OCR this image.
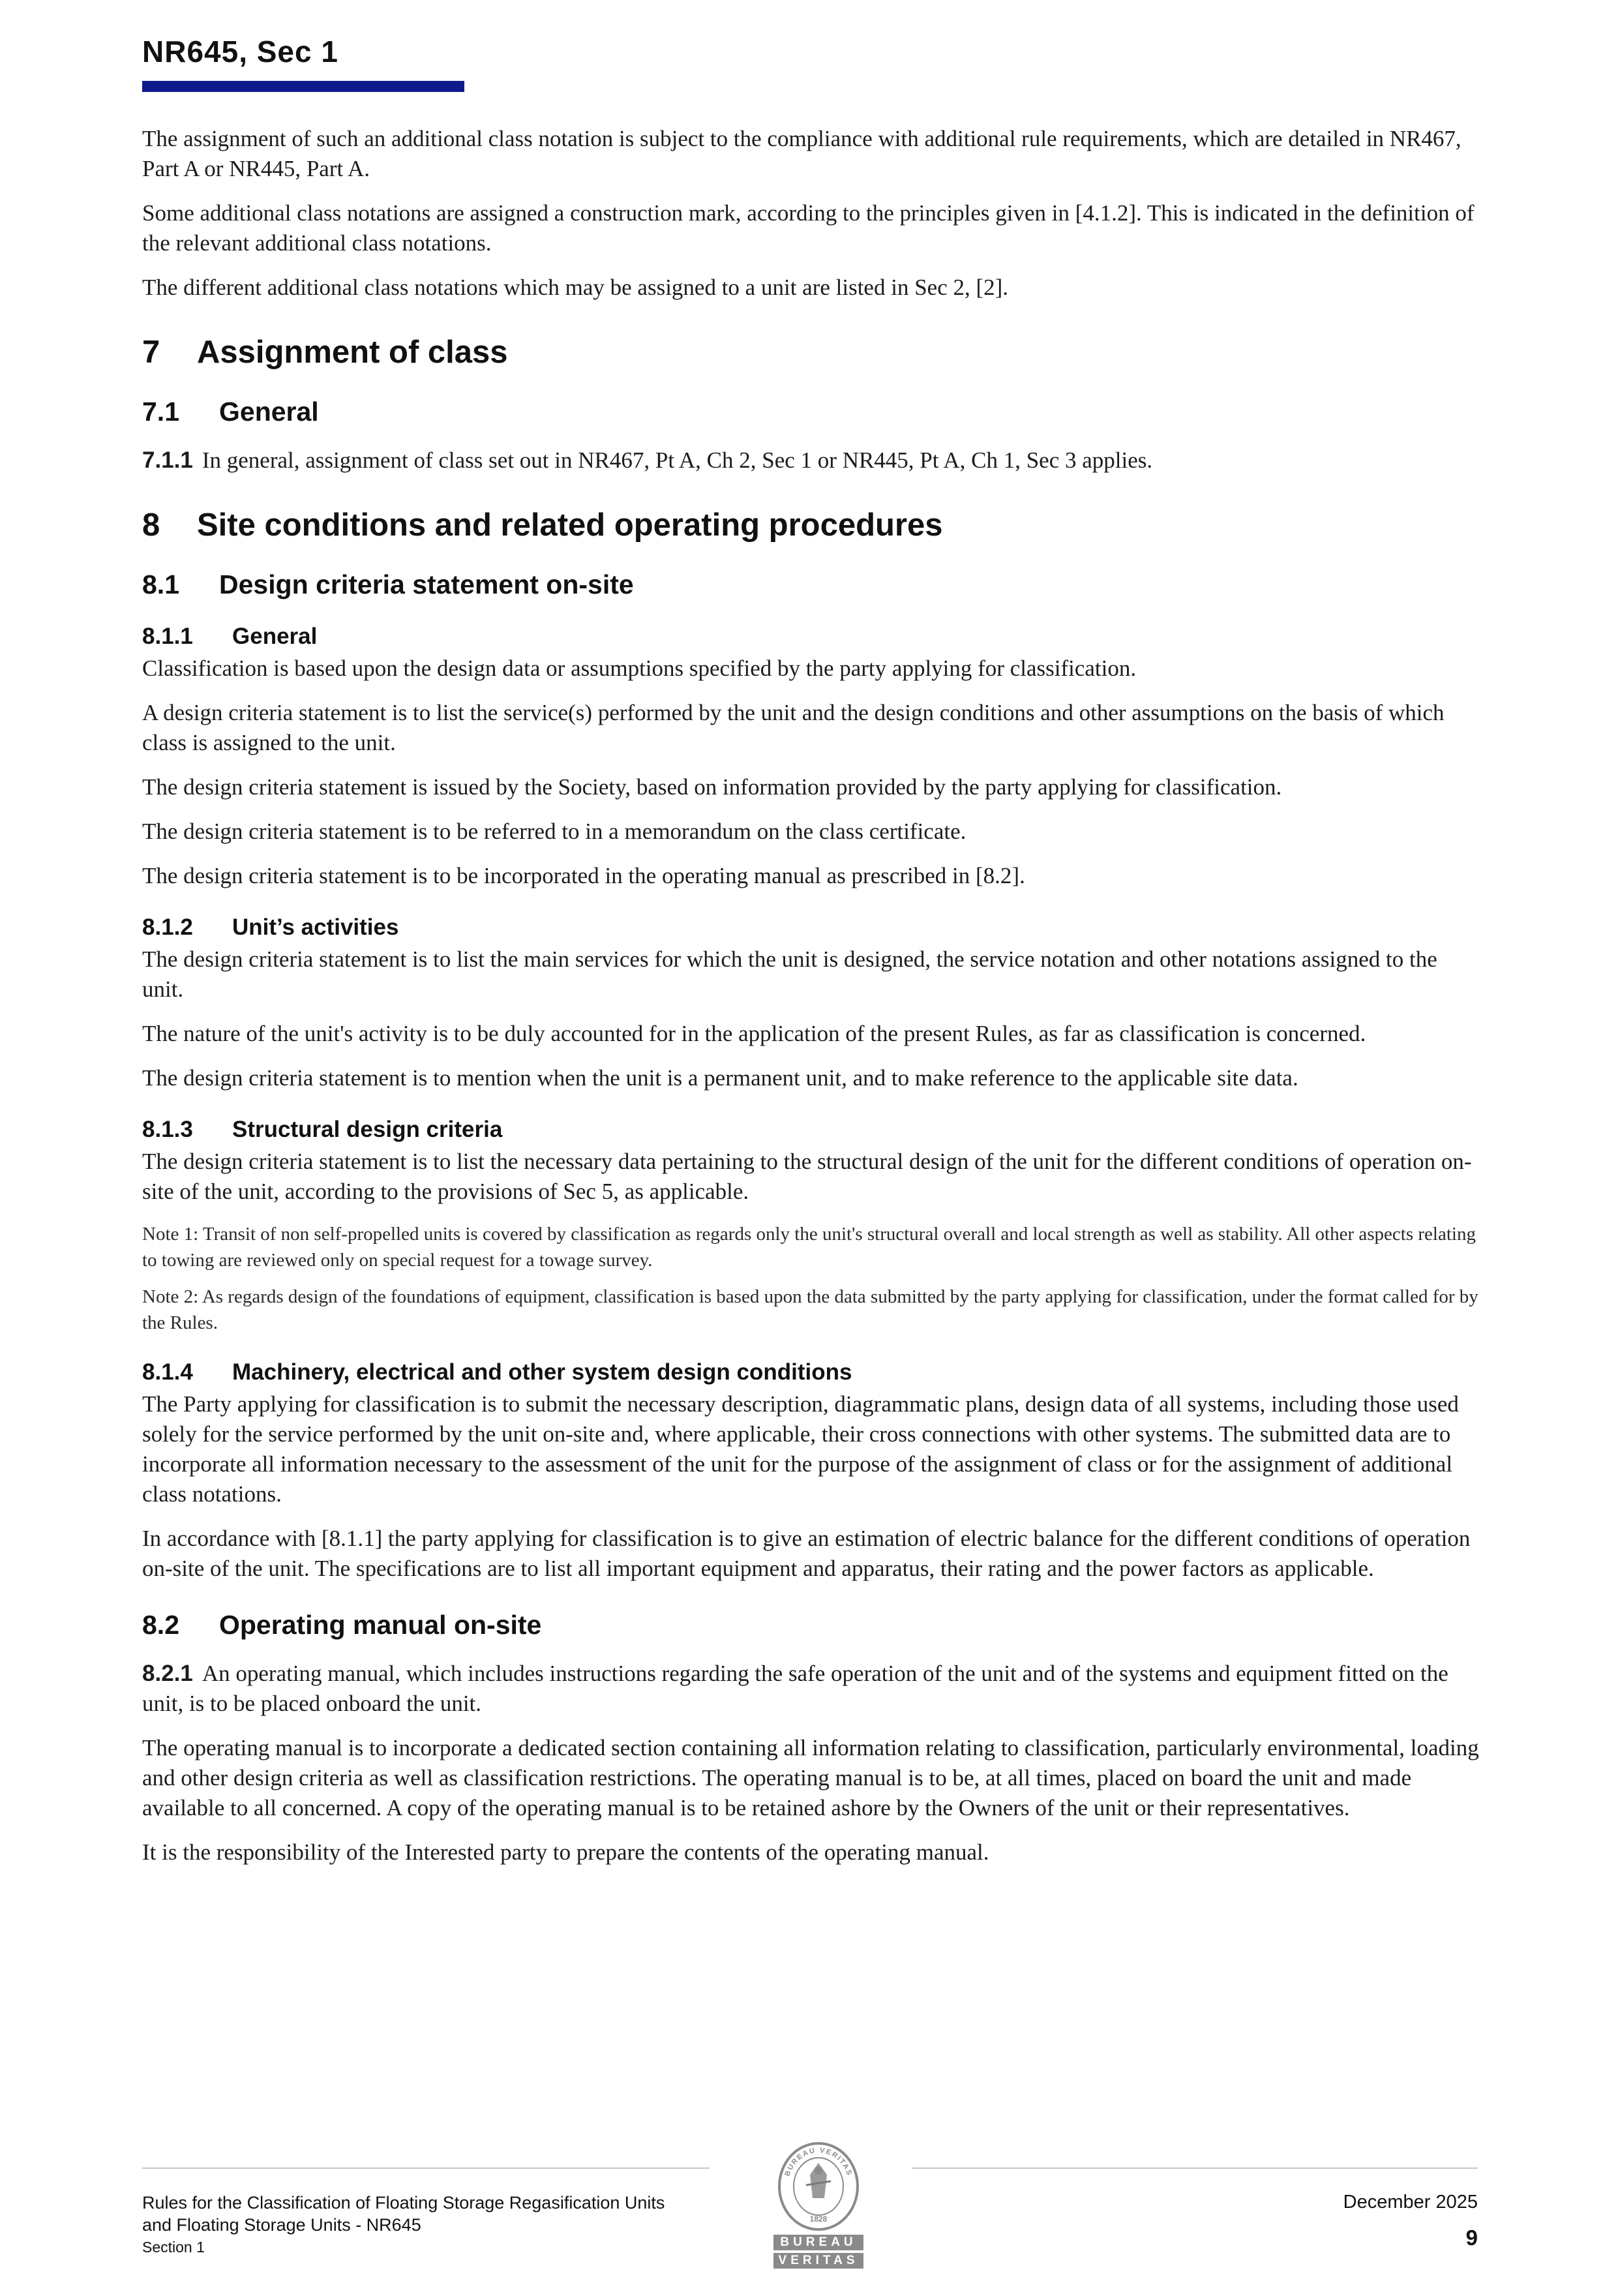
NR645, Sec 1

The assignment of such an additional class notation is subject to the compliance with additional rule requirements, which are detailed in NR467, Part A or NR445, Part A.

Some additional class notations are assigned a construction mark, according to the principles given in [4.1.2]. This is indicated in the definition of the relevant additional class notations.

The different additional class notations which may be assigned to a unit are listed in Sec 2, [2].

7	Assignment of class
7.1	General

7.1.1 In general, assignment of class set out in NR467, Pt A, Ch 2, Sec 1 or NR445, Pt A, Ch 1, Sec 3 applies.

8	Site conditions and related operating procedures
8.1	Design criteria statement on-site
8.1.1	General

Classification is based upon the design data or assumptions specified by the party applying for classification.

A design criteria statement is to list the service(s) performed by the unit and the design conditions and other assumptions on the basis of which class is assigned to the unit.

The design criteria statement is issued by the Society, based on information provided by the party applying for classification.

The design criteria statement is to be referred to in a memorandum on the class certificate.

The design criteria statement is to be incorporated in the operating manual as prescribed in [8.2].

8.1.2	Unit’s activities

The design criteria statement is to list the main services for which the unit is designed, the service notation and other notations assigned to the unit.

The nature of the unit's activity is to be duly accounted for in the application of the present Rules, as far as classification is concerned.

The design criteria statement is to mention when the unit is a permanent unit, and to make reference to the applicable site data.

8.1.3	Structural design criteria

The design criteria statement is to list the necessary data pertaining to the structural design of the unit for the different conditions of operation on-site of the unit, according to the provisions of Sec 5, as applicable.

Note 1: Transit of non self-propelled units is covered by classification as regards only the unit's structural overall and local strength as well as stability. All other aspects relating to towing are reviewed only on special request for a towage survey.

Note 2: As regards design of the foundations of equipment, classification is based upon the data submitted by the party applying for classification, under the format called for by the Rules.

8.1.4	Machinery, electrical and other system design conditions

The Party applying for classification is to submit the necessary description, diagrammatic plans, design data of all systems, including those used solely for the service performed by the unit on-site and, where applicable, their cross connections with other systems. The submitted data are to incorporate all information necessary to the assessment of the unit for the purpose of the assignment of class or for the assignment of additional class notations.

In accordance with [8.1.1] the party applying for classification is to give an estimation of electric balance for the different conditions of operation on-site of the unit. The specifications are to list all important equipment and apparatus, their rating and the power factors as applicable.

8.2	Operating manual on-site

8.2.1 An operating manual, which includes instructions regarding the safe operation of the unit and of the systems and equipment fitted on the unit, is to be placed onboard the unit.

The operating manual is to incorporate a dedicated section containing all information relating to classification, particularly environmental, loading and other design criteria as well as classification restrictions. The operating manual is to be, at all times, placed on board the unit and made available to all concerned. A copy of the operating manual is to be retained ashore by the Owners of the unit or their representatives.

It is the responsibility of the Interested party to prepare the contents of the operating manual.

Rules for the Classification of Floating Storage Regasification Units
and Floating Storage Units - NR645
Section 1
BUREAU VERITAS
1828
BUREAU
VERITAS
December 2025
9
